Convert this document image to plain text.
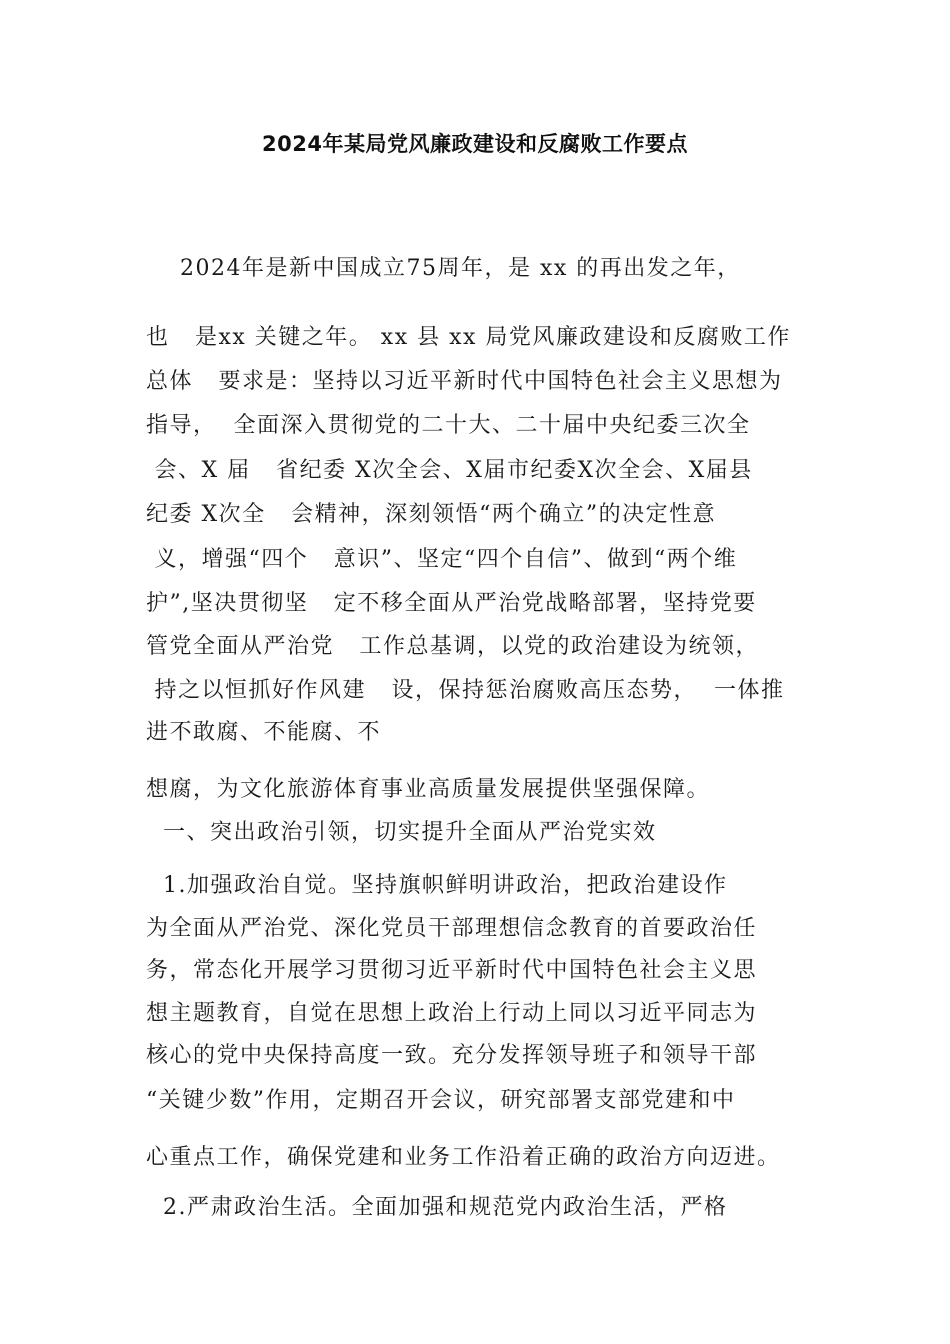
2024年某局党风廉政建设和反腐败工作要点
2024年是新中国成立75周年，是 xx 的再出发之年，
也   是xx 关键之年。 xx 县 xx 局党风廉政建设和反腐败工作
总体   要求是：坚持以习近平新时代中国特色社会主义思想为
指导，  全面深入贯彻党的二十大、二十届中央纪委三次全
会、X 届   省纪委 X次全会、X届市纪委X次全会、X届县
纪委 X次全   会精神，深刻领悟“两个确立”的决定性意
义，增强“四个   意识”、坚定“四个自信”、做到“两个维
护”,坚决贯彻坚   定不移全面从严治党战略部署，坚持党要
管党全面从严治党   工作总基调，以党的政治建设为统领，
持之以恒抓好作风建   设，保持惩治腐败高压态势，  一体推
进不敢腐、不能腐、不
想腐，为文化旅游体育事业高质量发展提供坚强保障。
一、突出政治引领，切实提升全面从严治党实效
1.加强政治自觉。坚持旗帜鲜明讲政治，把政治建设作
为全面从严治党、深化党员干部理想信念教育的首要政治任
务，常态化开展学习贯彻习近平新时代中国特色社会主义思
想主题教育，自觉在思想上政治上行动上同以习近平同志为
核心的党中央保持高度一致。充分发挥领导班子和领导干部
“关键少数”作用，定期召开会议，研究部署支部党建和中
心重点工作，确保党建和业务工作沿着正确的政治方向迈进。
2.严肃政治生活。全面加强和规范党内政治生活，严格
